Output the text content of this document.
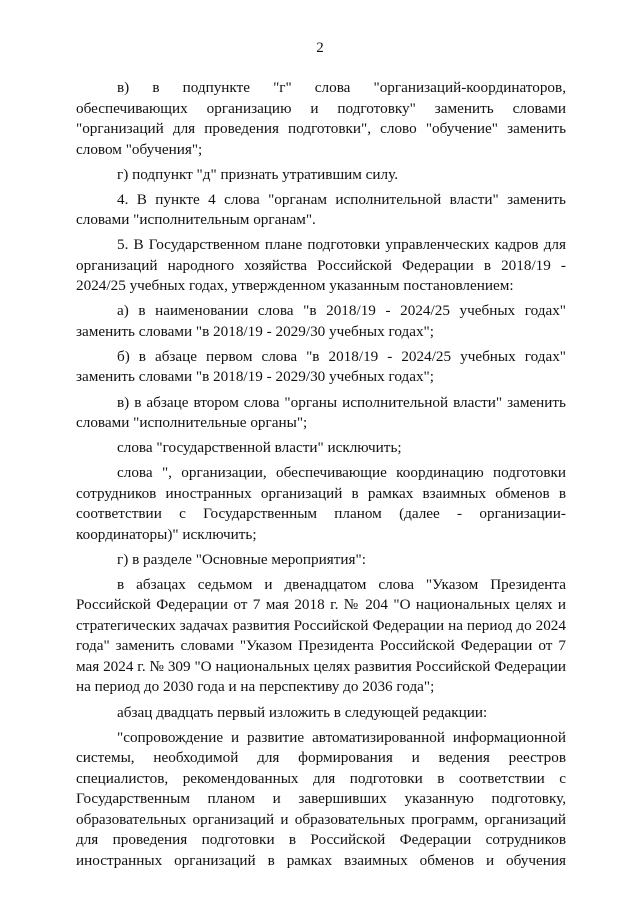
2

в) в подпункте "г" слова "организаций-координаторов, обеспечивающих организацию и подготовку" заменить словами "организаций для проведения подготовки", слово "обучение" заменить словом "обучения";

г) подпункт "д" признать утратившим силу.

4. В пункте 4 слова "органам исполнительной власти" заменить словами "исполнительным органам".

5. В Государственном плане подготовки управленческих кадров для организаций народного хозяйства Российской Федерации в 2018/19 - 2024/25 учебных годах, утвержденном указанным постановлением:

а) в наименовании слова "в 2018/19 - 2024/25 учебных годах" заменить словами "в 2018/19 - 2029/30 учебных годах";

б) в абзаце первом слова "в 2018/19 - 2024/25 учебных годах" заменить словами "в 2018/19 - 2029/30 учебных годах";

в) в абзаце втором слова "органы исполнительной власти" заменить словами "исполнительные органы";

слова "государственной власти" исключить;

слова ", организации, обеспечивающие координацию подготовки сотрудников иностранных организаций в рамках взаимных обменов в соответствии с Государственным планом (далее - организации-координаторы)" исключить;

г) в разделе "Основные мероприятия":

в абзацах седьмом и двенадцатом слова "Указом Президента Российской Федерации от 7 мая 2018 г. № 204 "О национальных целях и стратегических задачах развития Российской Федерации на период до 2024 года" заменить словами "Указом Президента Российской Федерации от 7 мая 2024 г. № 309 "О национальных целях развития Российской Федерации на период до 2030 года и на перспективу до 2036 года";

абзац двадцать первый изложить в следующей редакции:

"сопровождение и развитие автоматизированной информационной системы, необходимой для формирования и ведения реестров специалистов, рекомендованных для подготовки в соответствии с Государственным планом и завершивших указанную подготовку, образовательных организаций и образовательных программ, организаций для проведения подготовки в Российской Федерации сотрудников иностранных организаций в рамках взаимных обменов и обучения
